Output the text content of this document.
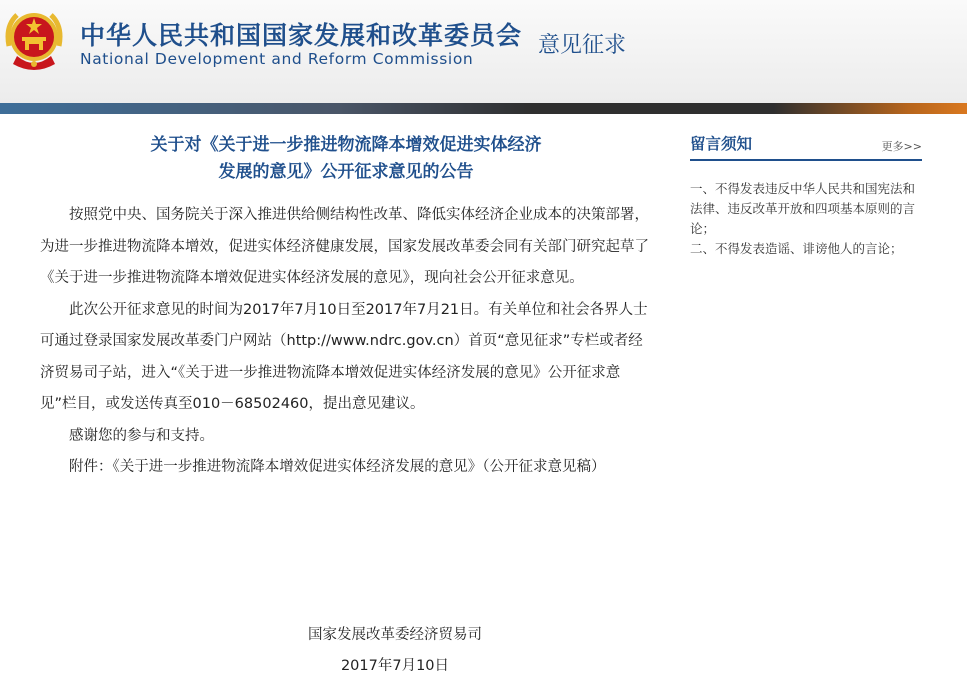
中华人民共和国国家发展和改革委员会
National Development and Reform Commission
意见征求
关于对《关于进一步推进物流降本增效促进实体经济
发展的意见》公开征求意见的公告

按照党中央、国务院关于深入推进供给侧结构性改革、降低实体经济企业成本的决策部署，为进一步推进物流降本增效，促进实体经济健康发展，国家发展改革委会同有关部门研究起草了《关于进一步推进物流降本增效促进实体经济发展的意见》，现向社会公开征求意见。

此次公开征求意见的时间为2017年7月10日至2017年7月21日。有关单位和社会各界人士可通过登录国家发展改革委门户网站（http://www.ndrc.gov.cn）首页“意见征求”专栏或者经济贸易司子站，进入“《关于进一步推进物流降本增效促进实体经济发展的意见》公开征求意见”栏目，或发送传真至010－68502460，提出意见建议。

感谢您的参与和支持。

附件：《关于进一步推进物流降本增效促进实体经济发展的意见》（公开征求意见稿）

国家发展改革委经济贸易司
2017年7月10日
留言须知	更多>>
一、不得发表违反中华人民共和国宪法和法律、违反改革开放和四项基本原则的言论；
二、不得发表造谣、诽谤他人的言论；
